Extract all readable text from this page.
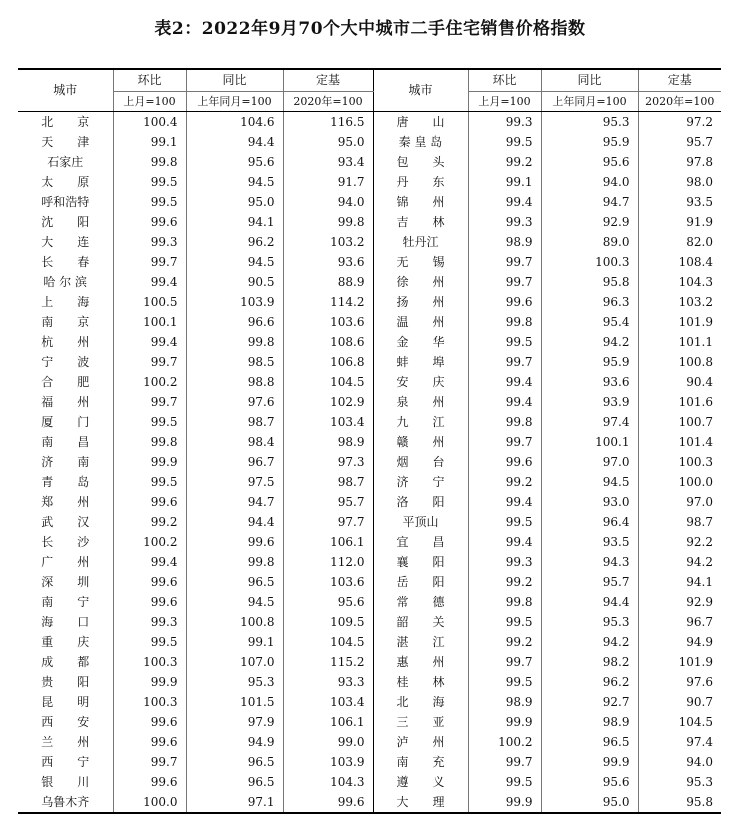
表2：2022年9月70个大中城市二手住宅销售价格指数
城市	环比	同比	定基	城市	环比	同比	定基
	上月=100	上年同月=100	2020年=100		上月=100	上年同月=100	2020年=100
北　　京	100.4	104.6	116.5	唐　　山	99.3	95.3	97.2
天　　津	99.1	94.4	95.0	秦 皇 岛	99.5	95.9	95.7
石家庄	99.8	95.6	93.4	包　　头	99.2	95.6	97.8
太　　原	99.5	94.5	91.7	丹　　东	99.1	94.0	98.0
呼和浩特	99.5	95.0	94.0	锦　　州	99.4	94.7	93.5
沈　　阳	99.6	94.1	99.8	吉　　林	99.3	92.9	91.9
大　　连	99.3	96.2	103.2	牡丹江	98.9	89.0	82.0
长　　春	99.7	94.5	93.6	无　　锡	99.7	100.3	108.4
哈 尔 滨	99.4	90.5	88.9	徐　　州	99.7	95.8	104.3
上　　海	100.5	103.9	114.2	扬　　州	99.6	96.3	103.2
南　　京	100.1	96.6	103.6	温　　州	99.8	95.4	101.9
杭　　州	99.4	99.8	108.6	金　　华	99.5	94.2	101.1
宁　　波	99.7	98.5	106.8	蚌　　埠	99.7	95.9	100.8
合　　肥	100.2	98.8	104.5	安　　庆	99.4	93.6	90.4
福　　州	99.7	97.6	102.9	泉　　州	99.4	93.9	101.6
厦　　门	99.5	98.7	103.4	九　　江	99.8	97.4	100.7
南　　昌	99.8	98.4	98.9	赣　　州	99.7	100.1	101.4
济　　南	99.9	96.7	97.3	烟　　台	99.6	97.0	100.3
青　　岛	99.5	97.5	98.7	济　　宁	99.2	94.5	100.0
郑　　州	99.6	94.7	95.7	洛　　阳	99.4	93.0	97.0
武　　汉	99.2	94.4	97.7	平顶山	99.5	96.4	98.7
长　　沙	100.2	99.6	106.1	宜　　昌	99.4	93.5	92.2
广　　州	99.4	99.8	112.0	襄　　阳	99.3	94.3	94.2
深　　圳	99.6	96.5	103.6	岳　　阳	99.2	95.7	94.1
南　　宁	99.6	94.5	95.6	常　　德	99.8	94.4	92.9
海　　口	99.3	100.8	109.5	韶　　关	99.5	95.3	96.7
重　　庆	99.5	99.1	104.5	湛　　江	99.2	94.2	94.9
成　　都	100.3	107.0	115.2	惠　　州	99.7	98.2	101.9
贵　　阳	99.9	95.3	93.3	桂　　林	99.5	96.2	97.6
昆　　明	100.3	101.5	103.4	北　　海	98.9	92.7	90.7
西　　安	99.6	97.9	106.1	三　　亚	99.9	98.9	104.5
兰　　州	99.6	94.9	99.0	泸　　州	100.2	96.5	97.4
西　　宁	99.7	96.5	103.9	南　　充	99.7	99.9	94.0
银　　川	99.6	96.5	104.3	遵　　义	99.5	95.6	95.3
乌鲁木齐	100.0	97.1	99.6	大　　理	99.9	95.0	95.8
